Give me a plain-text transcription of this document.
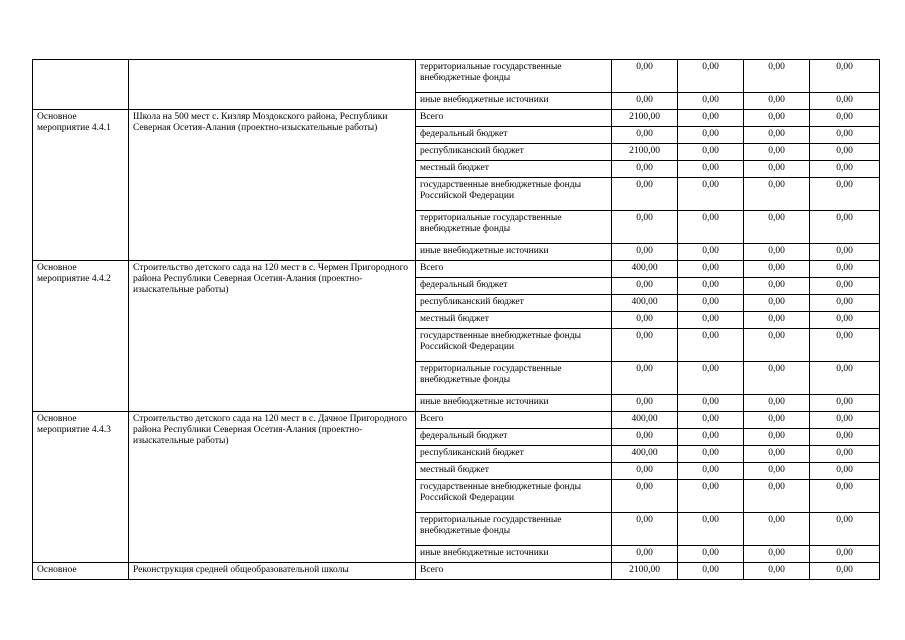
		территориальные государственные внебюджетные фонды	0,00	0,00	0,00	0,00
		иные внебюджетные источники	0,00	0,00	0,00	0,00
Основное мероприятие 4.4.1	Школа на 500 мест с. Кизляр Моздокского района, Республики Северная Осетия-Алания (проектно-изыскательные работы)	Всего	2100,00	0,00	0,00	0,00
		федеральный бюджет	0,00	0,00	0,00	0,00
		республиканский бюджет	2100,00	0,00	0,00	0,00
		местный бюджет	0,00	0,00	0,00	0,00
		государственные внебюджетные фонды Российской Федерации	0,00	0,00	0,00	0,00
		территориальные государственные внебюджетные фонды	0,00	0,00	0,00	0,00
		иные внебюджетные источники	0,00	0,00	0,00	0,00
Основное мероприятие 4.4.2	Строительство детского сада на 120 мест в с. Чермен Пригородного района Республики Северная Осетия-Алания (проектно-изыскательные работы)	Всего	400,00	0,00	0,00	0,00
		федеральный бюджет	0,00	0,00	0,00	0,00
		республиканский бюджет	400,00	0,00	0,00	0,00
		местный бюджет	0,00	0,00	0,00	0,00
		государственные внебюджетные фонды Российской Федерации	0,00	0,00	0,00	0,00
		территориальные государственные внебюджетные фонды	0,00	0,00	0,00	0,00
		иные внебюджетные источники	0,00	0,00	0,00	0,00
Основное мероприятие 4.4.3	Строительство детского сада на 120 мест в с. Дачное Пригородного района Республики Северная Осетия-Алания (проектно-изыскательные работы)	Всего	400,00	0,00	0,00	0,00
		федеральный бюджет	0,00	0,00	0,00	0,00
		республиканский бюджет	400,00	0,00	0,00	0,00
		местный бюджет	0,00	0,00	0,00	0,00
		государственные внебюджетные фонды Российской Федерации	0,00	0,00	0,00	0,00
		территориальные государственные внебюджетные фонды	0,00	0,00	0,00	0,00
		иные внебюджетные источники	0,00	0,00	0,00	0,00
Основное	Реконструкция средней общеобразовательной школы	Всего	2100,00	0,00	0,00	0,00
